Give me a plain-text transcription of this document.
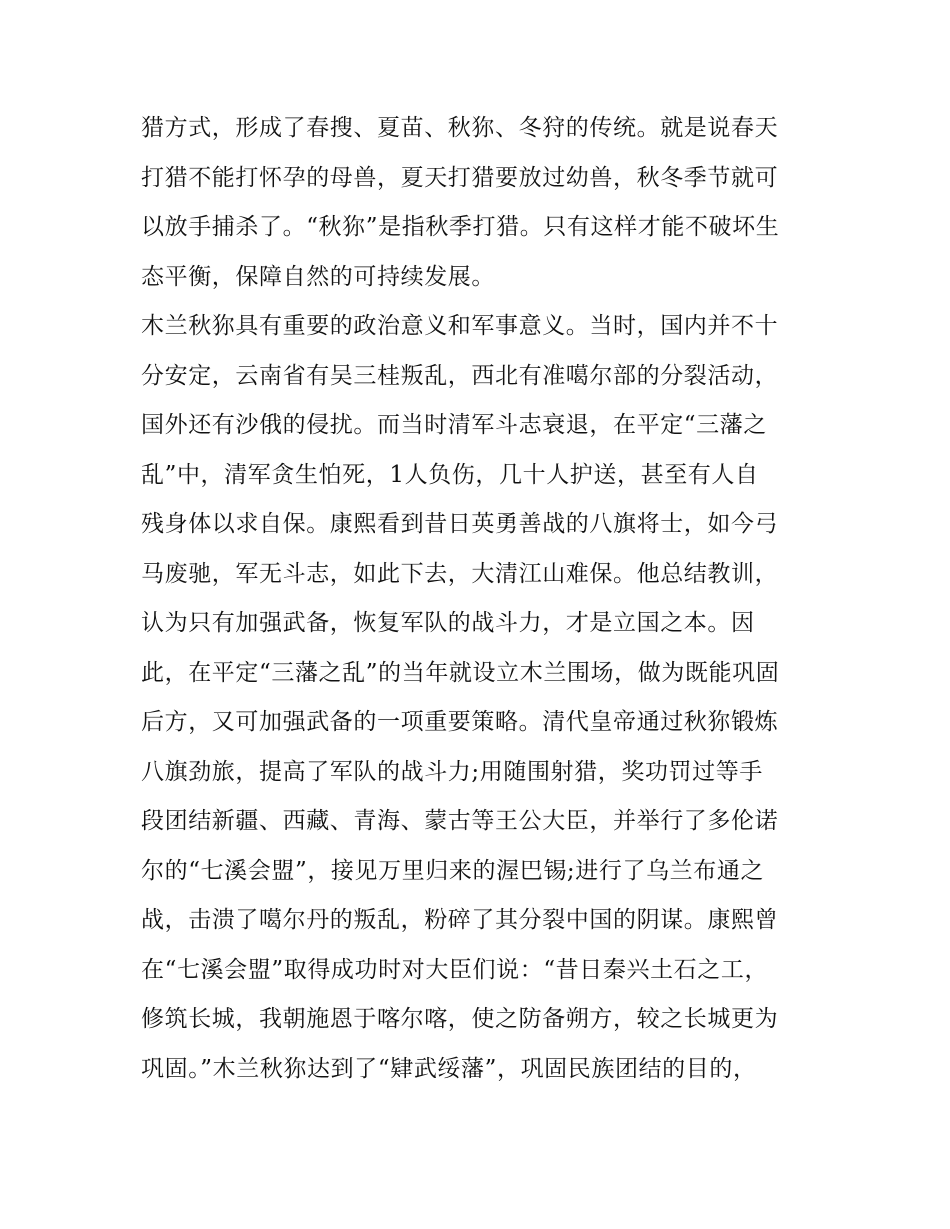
猎方式，形成了春搜、夏苗、秋狝、冬狩的传统。就是说春天
打猎不能打怀孕的母兽，夏天打猎要放过幼兽，秋冬季节就可
以放手捕杀了。“秋狝”是指秋季打猎。只有这样才能不破坏生
态平衡，保障自然的可持续发展。
木兰秋狝具有重要的政治意义和军事意义。当时，国内并不十
分安定，云南省有吴三桂叛乱，西北有准噶尔部的分裂活动，
国外还有沙俄的侵扰。而当时清军斗志衰退，在平定“三藩之
乱”中，清军贪生怕死，1人负伤，几十人护送，甚至有人自
残身体以求自保。康熙看到昔日英勇善战的八旗将士，如今弓
马废驰，军无斗志，如此下去，大清江山难保。他总结教训，
认为只有加强武备，恢复军队的战斗力，才是立国之本。因
此，在平定“三藩之乱”的当年就设立木兰围场，做为既能巩固
后方，又可加强武备的一项重要策略。清代皇帝通过秋狝锻炼
八旗劲旅，提高了军队的战斗力;用随围射猎，奖功罚过等手
段团结新疆、西藏、青海、蒙古等王公大臣，并举行了多伦诺
尔的“七溪会盟”，接见万里归来的渥巴锡;进行了乌兰布通之
战，击溃了噶尔丹的叛乱，粉碎了其分裂中国的阴谋。康熙曾
在“七溪会盟”取得成功时对大臣们说：“昔日秦兴土石之工，
修筑长城，我朝施恩于喀尔喀，使之防备朔方，较之长城更为
巩固。”木兰秋狝达到了“肄武绥藩”，巩固民族团结的目的，
